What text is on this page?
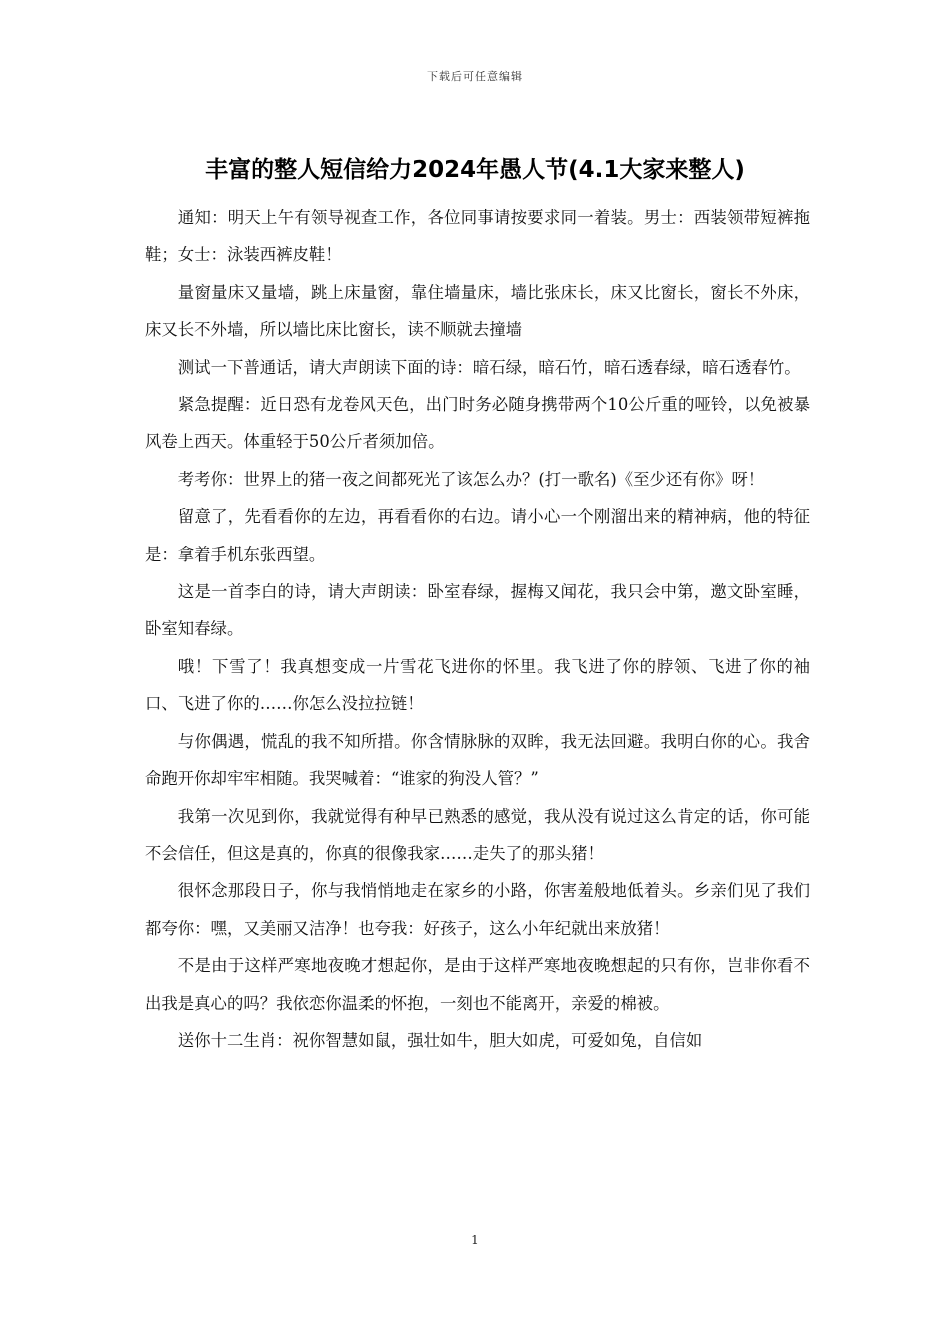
下载后可任意编辑
丰富的整人短信给力2024年愚人节(4.1大家来整人)

通知：明天上午有领导视查工作，各位同事请按要求同一着装。男士：西装领带短裤拖鞋；女士：泳装西裤皮鞋！

量窗量床又量墙，跳上床量窗，靠住墙量床，墙比张床长，床又比窗长，窗长不外床，床又长不外墙，所以墙比床比窗长，读不顺就去撞墙

测试一下普通话，请大声朗读下面的诗：暗石绿，暗石竹，暗石透春绿，暗石透春竹。

紧急提醒：近日恐有龙卷风天色，出门时务必随身携带两个10公斤重的哑铃，以免被暴风卷上西天。体重轻于50公斤者须加倍。

考考你：世界上的猪一夜之间都死光了该怎么办？(打一歌名)《至少还有你》呀！

留意了，先看看你的左边，再看看你的右边。请小心一个刚溜出来的精神病，他的特征是：拿着手机东张西望。

这是一首李白的诗，请大声朗读：卧室春绿，握梅又闻花，我只会中第，邀文卧室睡，卧室知春绿。

哦！下雪了！我真想变成一片雪花飞进你的怀里。我飞进了你的脖领、飞进了你的袖口、飞进了你的……你怎么没拉拉链！

与你偶遇，慌乱的我不知所措。你含情脉脉的双眸，我无法回避。我明白你的心。我舍命跑开你却牢牢相随。我哭喊着：“谁家的狗没人管？”

我第一次见到你，我就觉得有种早已熟悉的感觉，我从没有说过这么肯定的话，你可能不会信任，但这是真的，你真的很像我家……走失了的那头猪！

很怀念那段日子，你与我悄悄地走在家乡的小路，你害羞般地低着头。乡亲们见了我们都夸你：嘿，又美丽又洁净！也夸我：好孩子，这么小年纪就出来放猪！

不是由于这样严寒地夜晚才想起你，是由于这样严寒地夜晚想起的只有你，岂非你看不出我是真心的吗？我依恋你温柔的怀抱，一刻也不能离开，亲爱的棉被。

送你十二生肖：祝你智慧如鼠，强壮如牛，胆大如虎，可爱如兔，自信如

1
